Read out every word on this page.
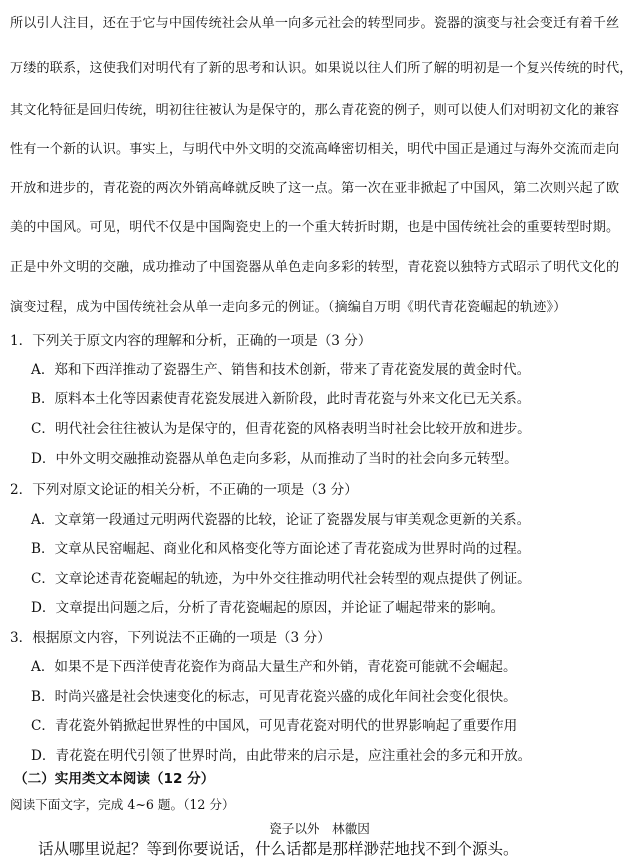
所以引人注目，还在于它与中国传统社会从单一向多元社会的转型同步。瓷器的演变与社会变迁有着千丝
万缕的联系，这使我们对明代有了新的思考和认识。如果说以往人们所了解的明初是一个复兴传统的时代，
其文化特征是回归传统，明初往往被认为是保守的，那么青花瓷的例子，则可以使人们对明初文化的兼容
性有一个新的认识。事实上，与明代中外文明的交流高峰密切相关，明代中国正是通过与海外交流而走向
开放和进步的，青花瓷的两次外销高峰就反映了这一点。第一次在亚非掀起了中国风，第二次则兴起了欧
美的中国风。可见，明代不仅是中国陶瓷史上的一个重大转折时期，也是中国传统社会的重要转型时期。
正是中外文明的交融，成功推动了中国瓷器从单色走向多彩的转型，青花瓷以独特方式昭示了明代文化的
演变过程，成为中国传统社会从单一走向多元的例证。（摘编自万明《明代青花瓷崛起的轨迹》）
1．下列关于原文内容的理解和分析，正确的一项是（3 分）
A．郑和下西洋推动了瓷器生产、销售和技术创新，带来了青花瓷发展的黄金时代。
B．原料本土化等因素使青花瓷发展进入新阶段，此时青花瓷与外来文化已无关系。
C．明代社会往往被认为是保守的，但青花瓷的风格表明当时社会比较开放和进步。
D．中外文明交融推动瓷器从单色走向多彩，从而推动了当时的社会向多元转型。
2．下列对原文论证的相关分析，不正确的一项是（3 分）
A．文章第一段通过元明两代瓷器的比较，论证了瓷器发展与审美观念更新的关系。
B．文章从民窑崛起、商业化和风格变化等方面论述了青花瓷成为世界时尚的过程。
C．文章论述青花瓷崛起的轨迹，为中外交往推动明代社会转型的观点提供了例证。
D．文章提出问题之后，分析了青花瓷崛起的原因，并论证了崛起带来的影响。
3．根据原文内容，下列说法不正确的一项是（3 分）
A．如果不是下西洋使青花瓷作为商品大量生产和外销，青花瓷可能就不会崛起。
B．时尚兴盛是社会快速变化的标志，可见青花瓷兴盛的成化年间社会变化很快。
C．青花瓷外销掀起世界性的中国风，可见青花瓷对明代的世界影响起了重要作用
D．青花瓷在明代引领了世界时尚，由此带来的启示是，应注重社会的多元和开放。
（二）实用类文本阅读（12 分）
阅读下面文字，完成 4~6 题。（12 分）
瓷子以外　林徽因
话从哪里说起？等到你要说话，什么话都是那样渺茫地找不到个源头。
